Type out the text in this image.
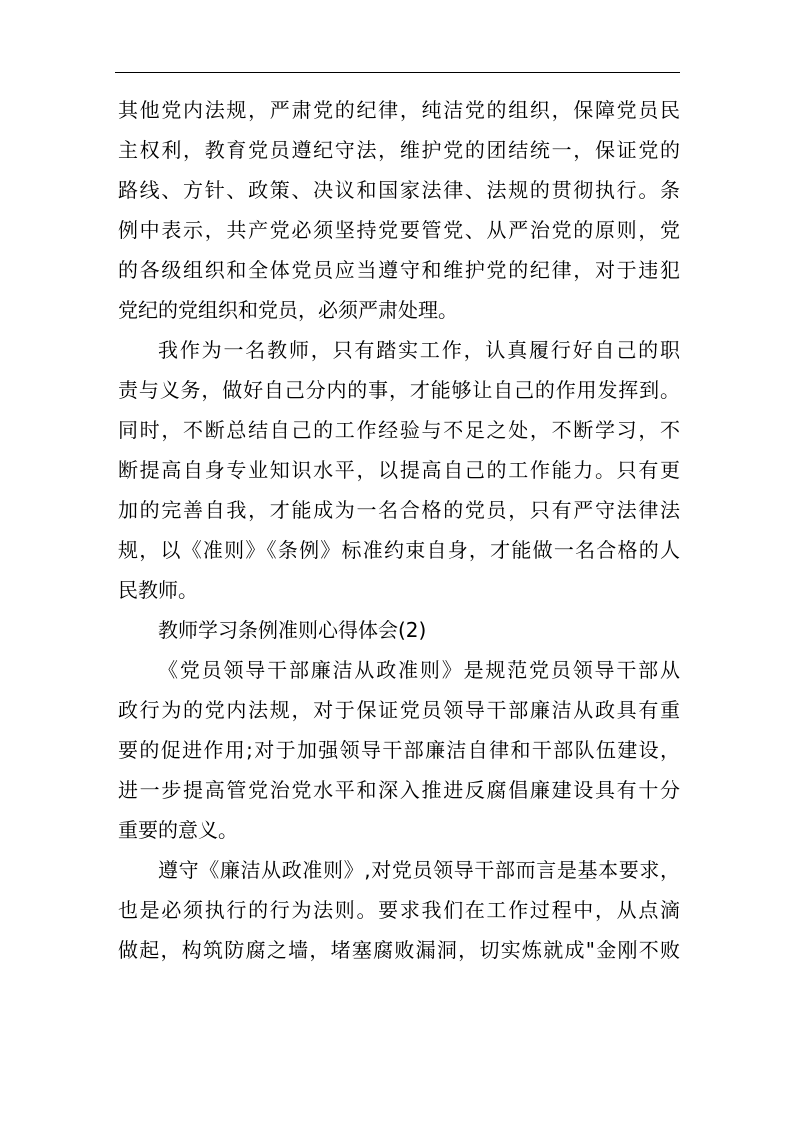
其他党内法规，严肃党的纪律，纯洁党的组织，保障党员民
主权利，教育党员遵纪守法，维护党的团结统一，保证党的
路线、方针、政策、决议和国家法律、法规的贯彻执行。条
例中表示，共产党必须坚持党要管党、从严治党的原则，党
的各级组织和全体党员应当遵守和维护党的纪律，对于违犯
党纪的党组织和党员，必须严肃处理。
我作为一名教师，只有踏实工作，认真履行好自己的职
责与义务，做好自己分内的事，才能够让自己的作用发挥到。
同时，不断总结自己的工作经验与不足之处，不断学习，不
断提高自身专业知识水平，以提高自己的工作能力。只有更
加的完善自我，才能成为一名合格的党员，只有严守法律法
规，以《准则》《条例》标准约束自身，才能做一名合格的人
民教师。
教师学习条例准则心得体会(2)
《党员领导干部廉洁从政准则》是规范党员领导干部从
政行为的党内法规，对于保证党员领导干部廉洁从政具有重
要的促进作用;对于加强领导干部廉洁自律和干部队伍建设，
进一步提高管党治党水平和深入推进反腐倡廉建设具有十分
重要的意义。
遵守《廉洁从政准则》,对党员领导干部而言是基本要求，
也是必须执行的行为法则。要求我们在工作过程中，从点滴
做起，构筑防腐之墙，堵塞腐败漏洞，切实炼就成"金刚不败
